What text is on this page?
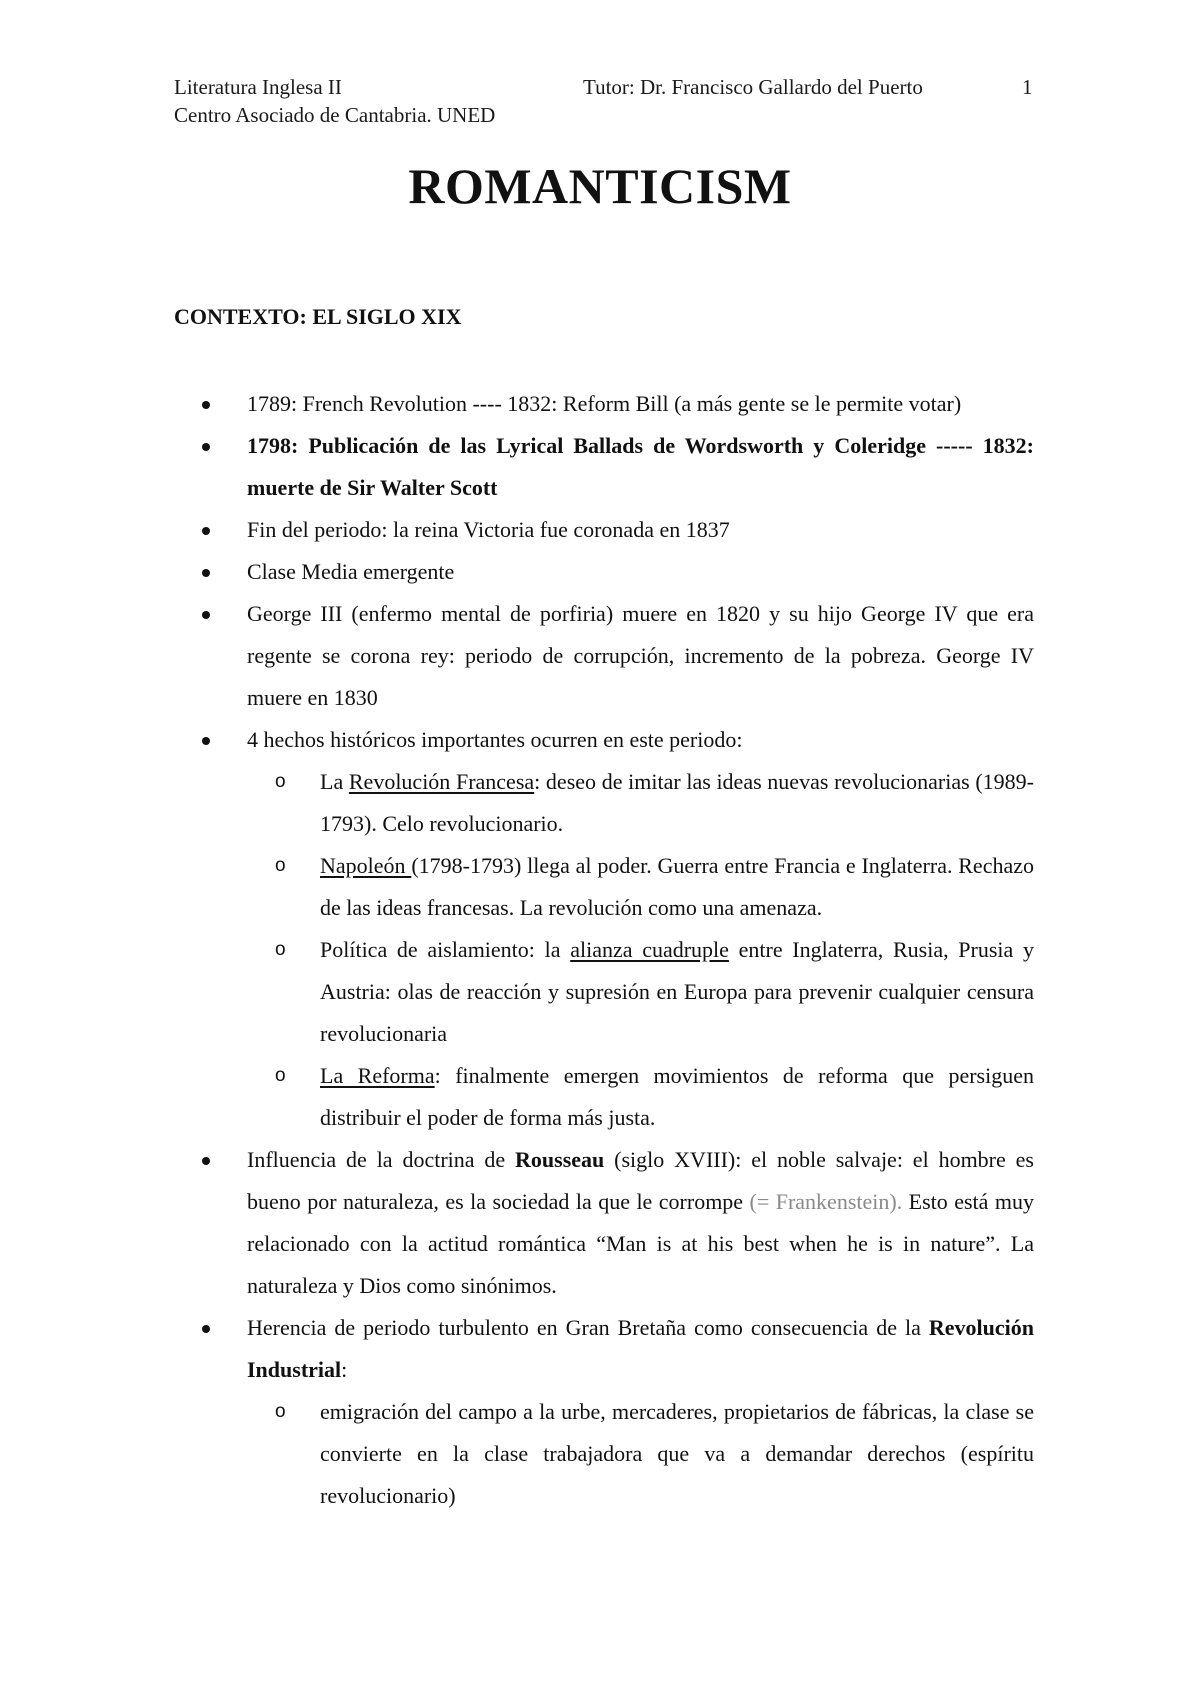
Literatura Inglesa II	Tutor: Dr. Francisco Gallardo del Puerto	1
Centro Asociado de Cantabria. UNED
ROMANTICISM
CONTEXTO: EL SIGLO XIX
1789: French Revolution ---- 1832: Reform Bill (a más gente se le permite votar)
1798: Publicación de las Lyrical Ballads de Wordsworth y Coleridge ----- 1832: muerte de Sir Walter Scott
Fin del periodo: la reina Victoria fue coronada en 1837
Clase Media emergente
George III (enfermo mental de porfiria) muere en 1820 y su hijo George IV que era regente se corona rey: periodo de corrupción, incremento de la pobreza. George IV muere en 1830
4 hechos históricos importantes ocurren en este periodo:
o La Revolución Francesa: deseo de imitar las ideas nuevas revolucionarias (1989-1793). Celo revolucionario.
o Napoleón (1798-1793) llega al poder. Guerra entre Francia e Inglaterra. Rechazo de las ideas francesas. La revolución como una amenaza.
o Política de aislamiento: la alianza cuadruple entre Inglaterra, Rusia, Prusia y Austria: olas de reacción y supresión en Europa para prevenir cualquier censura revolucionaria
o La Reforma: finalmente emergen movimientos de reforma que persiguen distribuir el poder de forma más justa.
Influencia de la doctrina de Rousseau (siglo XVIII): el noble salvaje: el hombre es bueno por naturaleza, es la sociedad la que le corrompe (= Frankenstein). Esto está muy relacionado con la actitud romántica “Man is at his best when he is in nature”. La naturaleza y Dios como sinónimos.
Herencia de periodo turbulento en Gran Bretaña como consecuencia de la Revolución Industrial:
o emigración del campo a la urbe, mercaderes, propietarios de fábricas, la clase se convierte en la clase trabajadora que va a demandar derechos (espíritu revolucionario)
